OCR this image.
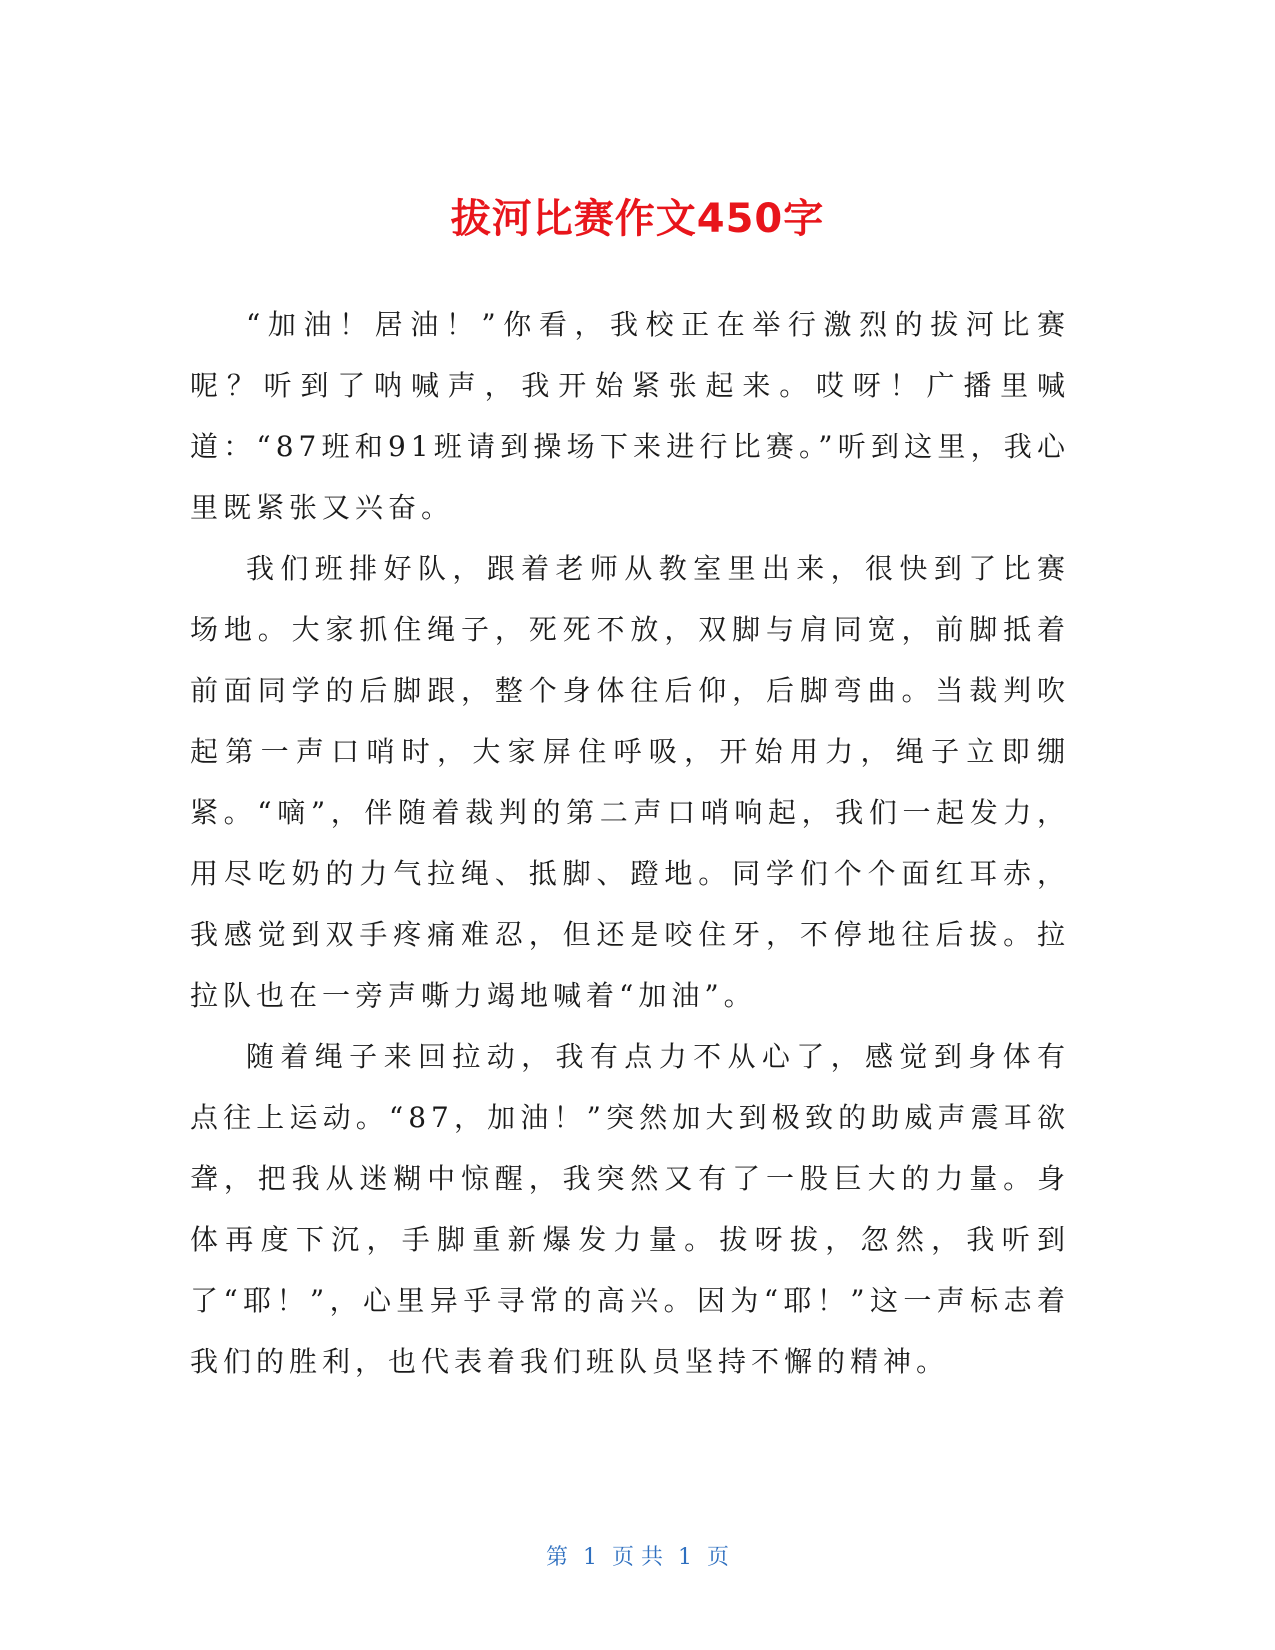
拔河比赛作文450字

“加油！居油！”你看，我校正在举行激烈的拔河比赛呢？听到了呐喊声，我开始紧张起来。哎呀！广播里喊道：“87班和91班请到操场下来进行比赛。”听到这里，我心里既紧张又兴奋。

我们班排好队，跟着老师从教室里出来，很快到了比赛场地。大家抓住绳子，死死不放，双脚与肩同宽，前脚抵着前面同学的后脚跟，整个身体往后仰，后脚弯曲。当裁判吹起第一声口哨时，大家屏住呼吸，开始用力，绳子立即绷紧。“嘀”，伴随着裁判的第二声口哨响起，我们一起发力，用尽吃奶的力气拉绳、抵脚、蹬地。同学们个个面红耳赤，我感觉到双手疼痛难忍，但还是咬住牙，不停地往后拔。拉拉队也在一旁声嘶力竭地喊着“加油”。

随着绳子来回拉动，我有点力不从心了，感觉到身体有点往上运动。“87，加油！”突然加大到极致的助威声震耳欲聋，把我从迷糊中惊醒，我突然又有了一股巨大的力量。身体再度下沉，手脚重新爆发力量。拔呀拔，忽然，我听到了“耶！”，心里异乎寻常的高兴。因为“耶！”这一声标志着我们的胜利，也代表着我们班队员坚持不懈的精神。

第 1 页 共 1 页
